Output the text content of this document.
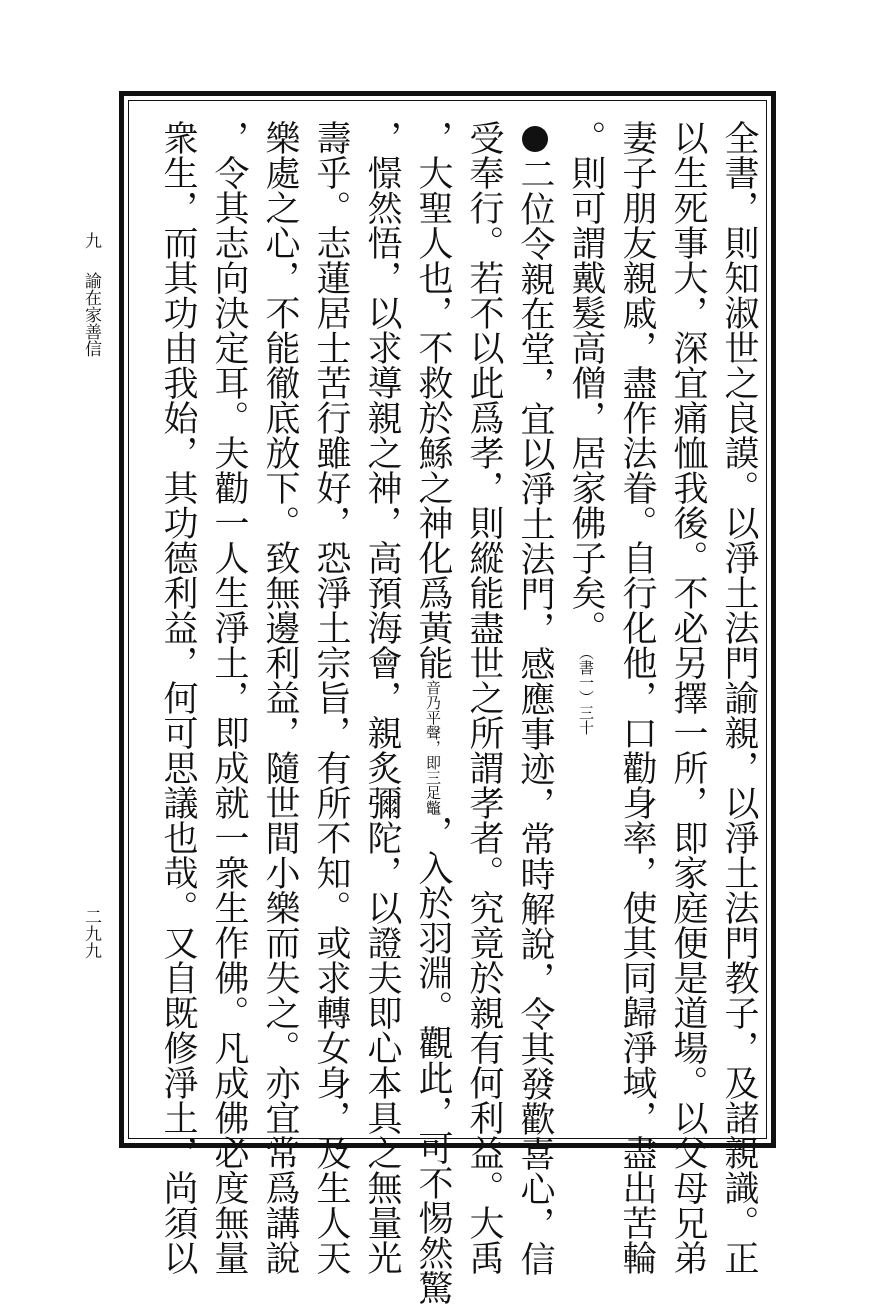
九
諭在家善信
二九九	全書，則知淑世之良謨。以淨土法門諭親，以淨土法門教子，及諸親識。正
以生死事大，深宜痛恤我後。不必另擇一所，即家庭便是道場。以父母兄弟
妻子朋友親戚，盡作法眷。自行化他，口勸身率，使其同歸淨域，盡出苦輪
。則可謂戴髮高僧，居家佛子矣。（書一）三十
二位令親在堂，宜以淨土法門，感應事迹，常時解說，令其發歡喜心，信
受奉行。若不以此爲孝，則縱能盡世之所謂孝者。究竟於親有何利益。大禹
，大聖人也，不救於鯀之神化爲黃能音乃平聲，即三足鼈，入於羽淵。觀此，可不惕然驚
，憬然悟，以求導親之神，高預海會，親炙彌陀，以證夫即心本具之無量光
壽乎。志蓮居士苦行雖好，恐淨土宗旨，有所不知。或求轉女身，及生人天
樂處之心，不能徹底放下。致無邊利益，隨世間小樂而失之。亦宜常爲講說
，令其志向決定耳。夫勸一人生淨土，即成就一衆生作佛。凡成佛必度無量
衆生，而其功由我始，其功德利益，何可思議也哉。又自既修淨土，尚須以
